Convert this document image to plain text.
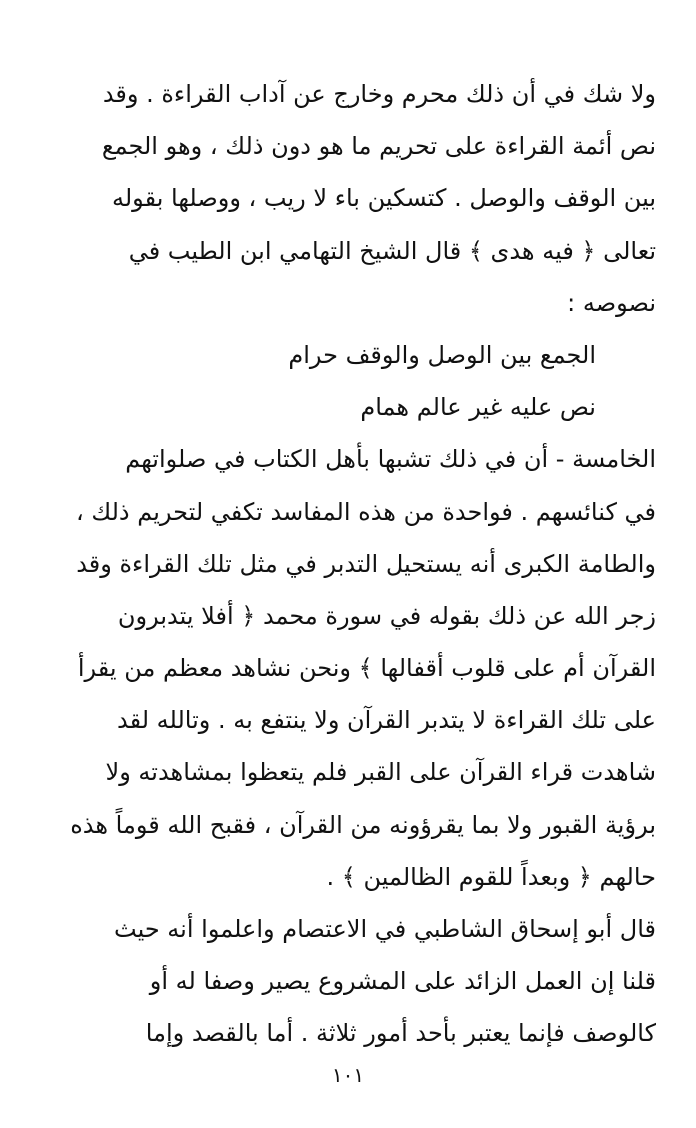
ولا شك في أن ذلك محرم وخارج عن آداب القراءة . وقد
نص أئمة القراءة على تحريم ما هو دون ذلك ، وهو الجمع
بين الوقف والوصل . كتسكين باء لا ريب ، ووصلها بقوله
تعالى ﴿ فيه هدى ﴾ قال الشيخ التهامي ابن الطيب في
نصوصه :
الجمع بين الوصل والوقف حرام
نص عليه غير عالم همام
الخامسة - أن في ذلك تشبها بأهل الكتاب في صلواتهم
في كنائسهم . فواحدة من هذه المفاسد تكفي لتحريم ذلك ،
والطامة الكبرى أنه يستحيل التدبر في مثل تلك القراءة وقد
زجر الله عن ذلك بقوله في سورة محمد ﴿ أفلا يتدبرون
القرآن أم على قلوب أقفالها ﴾ ونحن نشاهد معظم من يقرأ
على تلك القراءة لا يتدبر القرآن ولا ينتفع به . وتالله لقد
شاهدت قراء القرآن على القبر فلم يتعظوا بمشاهدته ولا
برؤية القبور ولا بما يقرؤونه من القرآن ، فقبح الله قوماً هذه
حالهم ﴿ وبعداً للقوم الظالمين ﴾ .
قال أبو إسحاق الشاطبي في الاعتصام واعلموا أنه حيث
قلنا إن العمل الزائد على المشروع يصير وصفا له أو
كالوصف فإنما يعتبر بأحد أمور ثلاثة . أما بالقصد وإما
١٠١
